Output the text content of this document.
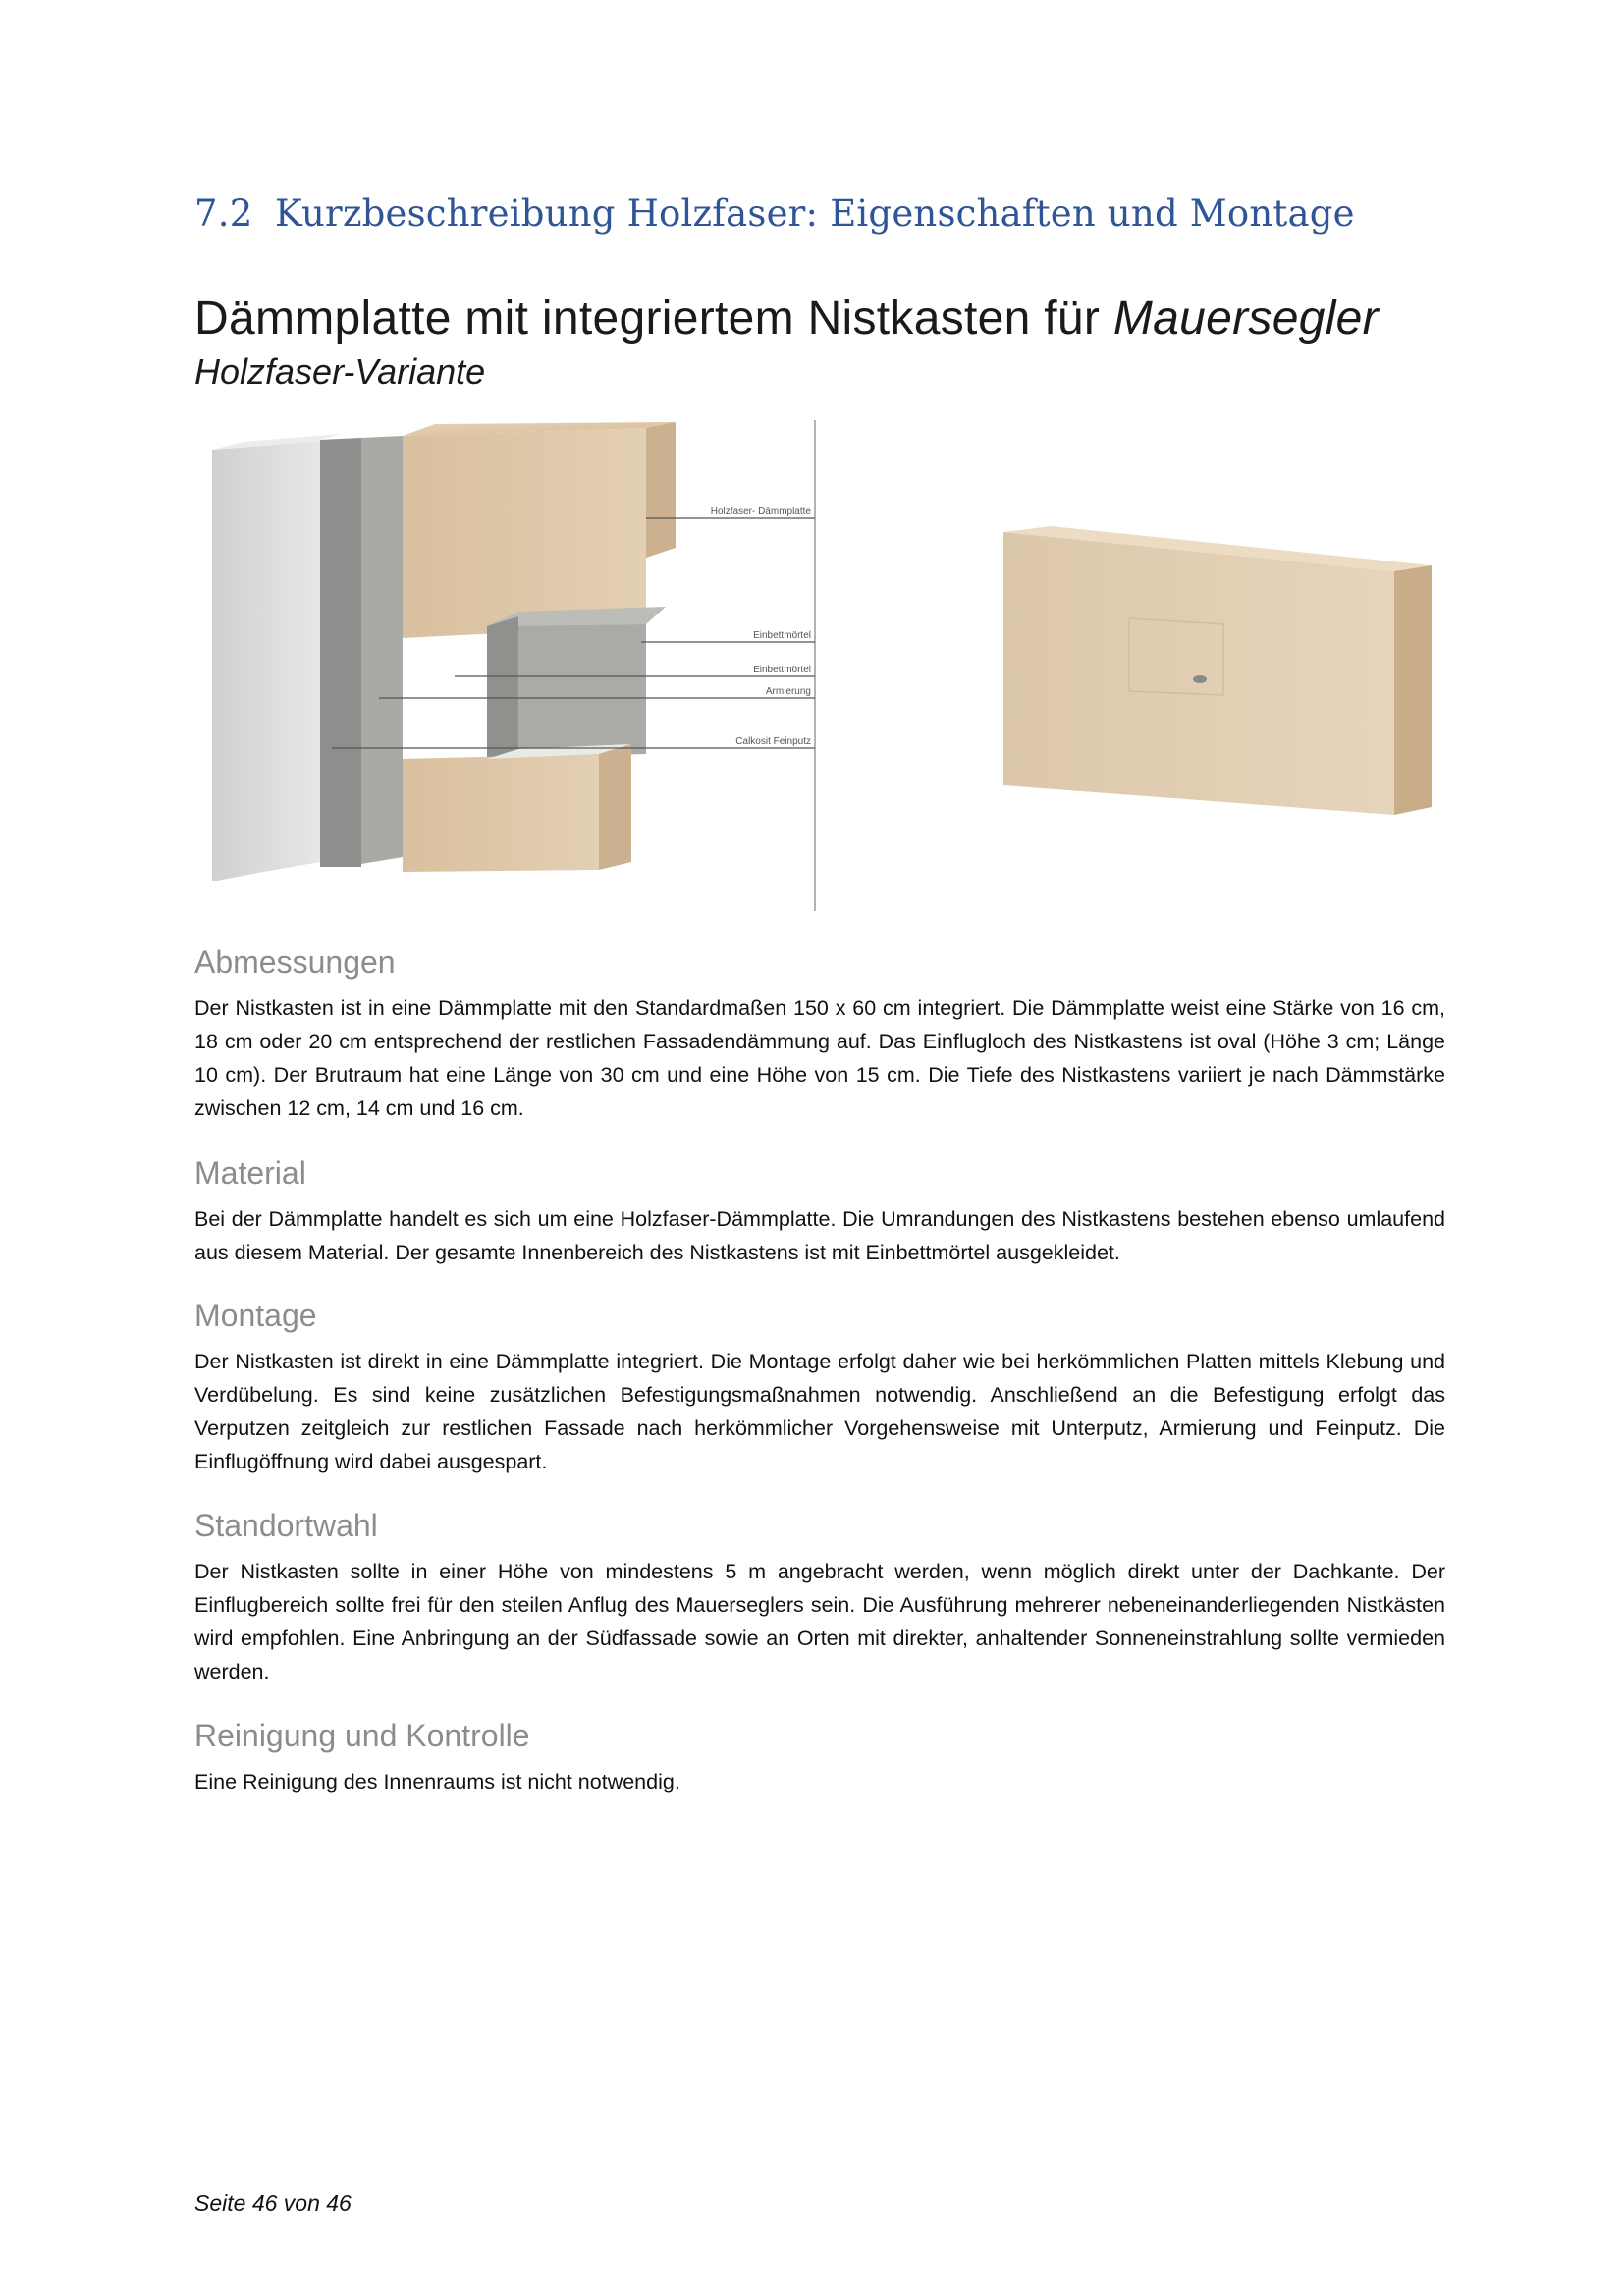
7.2 Kurzbeschreibung Holzfaser: Eigenschaften und Montage
Dämmplatte mit integriertem Nistkasten für Mauersegler

Holzfaser-Variante

Holzfaser- Dämmplatte
Einbettmörtel
Einbettmörtel
Armierung
Calkosit Feinputz
Abmessungen

Der Nistkasten ist in eine Dämmplatte mit den Standardmaßen 150 x 60 cm integriert. Die Dämmplatte weist eine Stärke von 16 cm, 18 cm oder 20 cm entsprechend der restlichen Fassadendämmung auf. Das Einflugloch des Nistkastens ist oval (Höhe 3 cm; Länge 10 cm). Der Brutraum hat eine Länge von 30 cm und eine Höhe von 15 cm. Die Tiefe des Nistkastens variiert je nach Dämmstärke zwischen 12 cm, 14 cm und 16 cm.

Material

Bei der Dämmplatte handelt es sich um eine Holzfaser-Dämmplatte. Die Umrandungen des Nistkastens bestehen ebenso umlaufend aus diesem Material. Der gesamte Innenbereich des Nistkastens ist mit Einbettmörtel ausgekleidet.

Montage

Der Nistkasten ist direkt in eine Dämmplatte integriert. Die Montage erfolgt daher wie bei herkömmlichen Platten mittels Klebung und Verdübelung. Es sind keine zusätzlichen Befestigungsmaßnahmen notwendig. Anschließend an die Befestigung erfolgt das Verputzen zeitgleich zur restlichen Fassade nach herkömmlicher Vorgehensweise mit Unterputz, Armierung und Feinputz. Die Einflugöffnung wird dabei ausgespart.

Standortwahl

Der Nistkasten sollte in einer Höhe von mindestens 5 m angebracht werden, wenn möglich direkt unter der Dachkante. Der Einflugbereich sollte frei für den steilen Anflug des Mauerseglers sein. Die Ausführung mehrerer nebeneinanderliegenden Nistkästen wird empfohlen. Eine Anbringung an der Südfassade sowie an Orten mit direkter, anhaltender Sonneneinstrahlung sollte vermieden werden.

Reinigung und Kontrolle

Eine Reinigung des Innenraums ist nicht notwendig.

Seite 46 von 46
